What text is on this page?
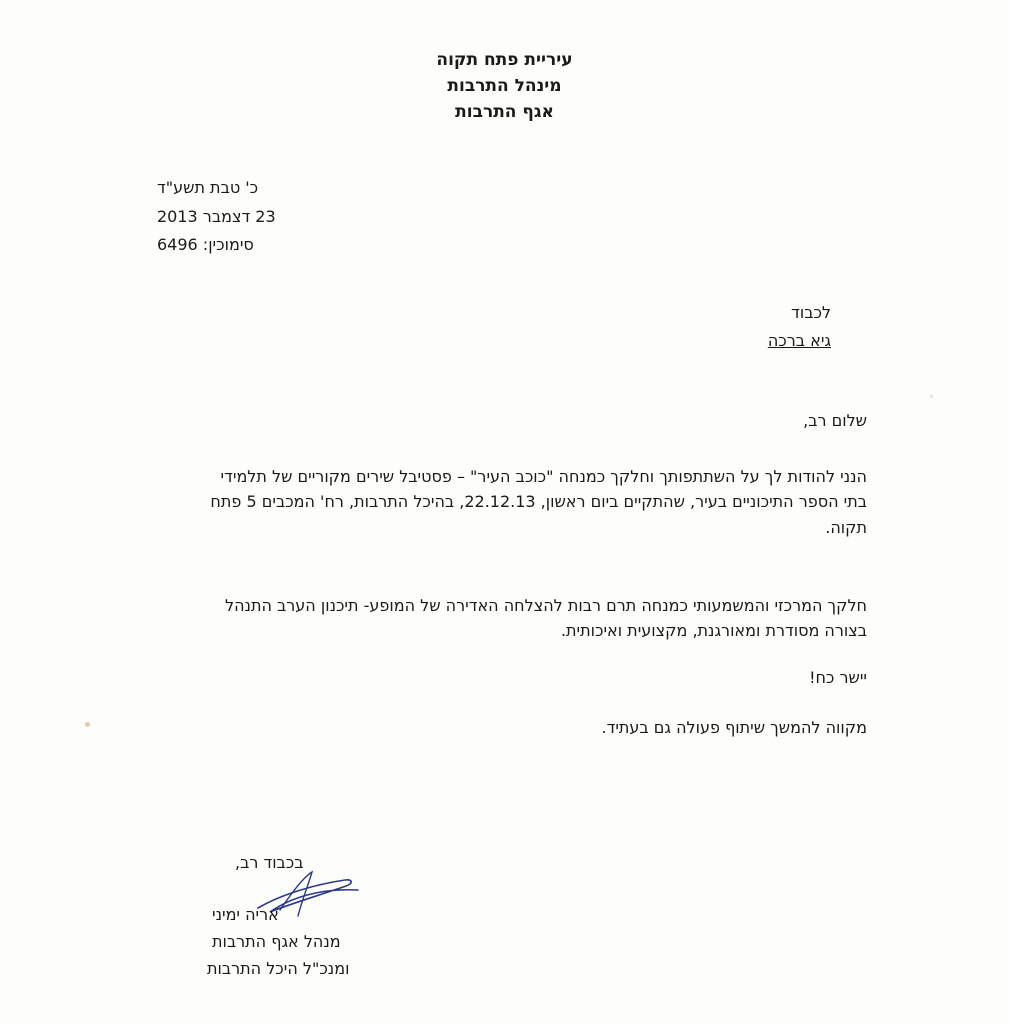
עיריית פתח תקוה
מינהל התרבות
אגף התרבות
כ' טבת תשע"ד
23 דצמבר 2013
סימוכין: 6496
לכבוד
גיא ברכה
שלום רב,
הנני להודות לך על השתתפותך וחלקך כמנחה "כוכב העיר" – פסטיבל שירים מקוריים של תלמידי
בתי הספר התיכוניים בעיר, שהתקיים ביום ראשון, 22.12.13, בהיכל התרבות, רח' המכבים 5 פתח
תקוה.
חלקך המרכזי והמשמעותי כמנחה תרם רבות להצלחה האדירה של המופע- תיכנון הערב התנהל
בצורה מסודרת ומאורגנת, מקצועית ואיכותית.
יישר כח!
מקווה להמשך שיתוף פעולה גם בעתיד.
בכבוד רב,
אריה ימיני
מנהל אגף התרבות
ומנכ"ל היכל התרבות
